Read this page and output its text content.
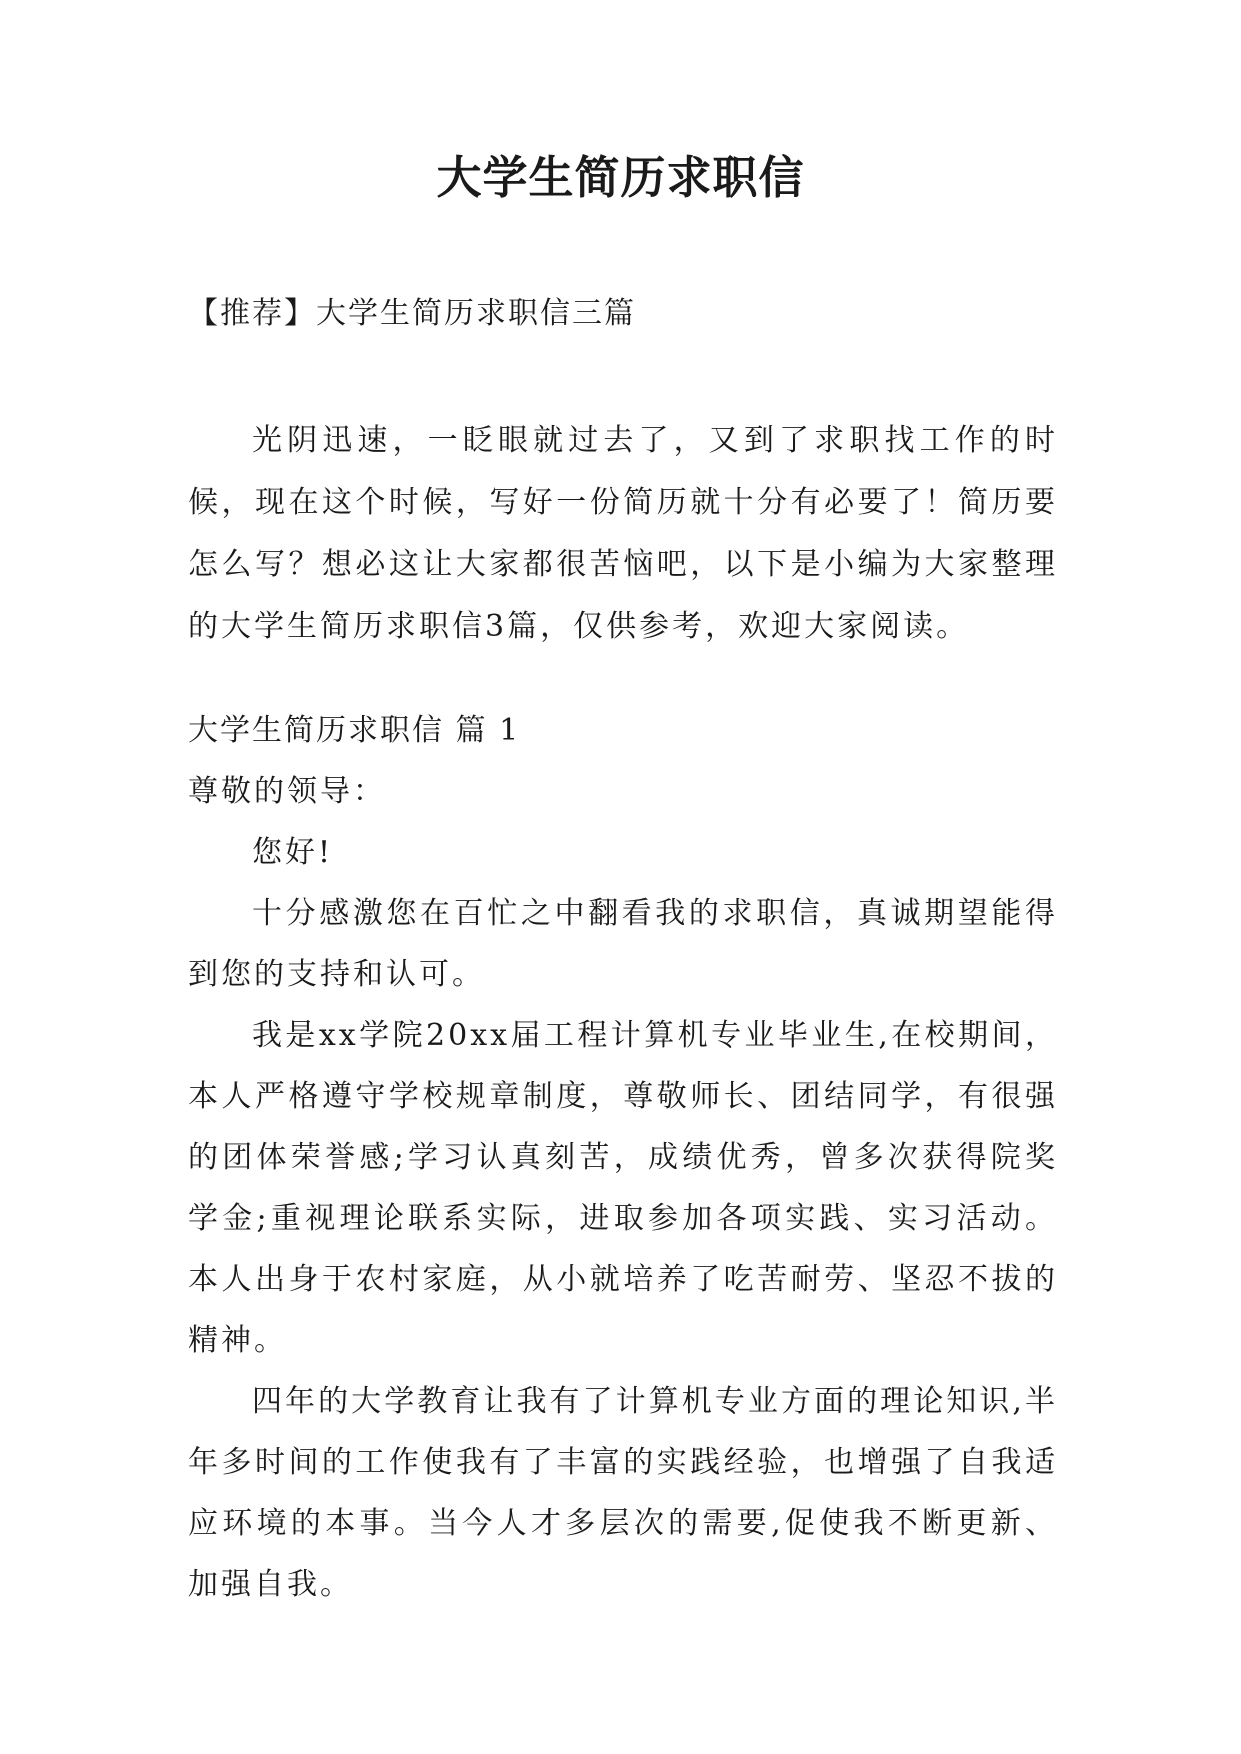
大学生简历求职信

【推荐】大学生简历求职信三篇

光阴迅速，一眨眼就过去了，又到了求职找工作的时候，现在这个时候，写好一份简历就十分有必要了！简历要怎么写？想必这让大家都很苦恼吧，以下是小编为大家整理的大学生简历求职信3篇，仅供参考，欢迎大家阅读。

大学生简历求职信 篇 1

尊敬的领导：

您好!

十分感激您在百忙之中翻看我的求职信，真诚期望能得到您的支持和认可。

我是xx学院20xx届工程计算机专业毕业生,在校期间，本人严格遵守学校规章制度，尊敬师长、团结同学，有很强的团体荣誉感;学习认真刻苦，成绩优秀，曾多次获得院奖学金;重视理论联系实际，进取参加各项实践、实习活动。本人出身于农村家庭，从小就培养了吃苦耐劳、坚忍不拔的精神。

四年的大学教育让我有了计算机专业方面的理论知识,半年多时间的工作使我有了丰富的实践经验，也增强了自我适应环境的本事。当今人才多层次的需要,促使我不断更新、加强自我。
